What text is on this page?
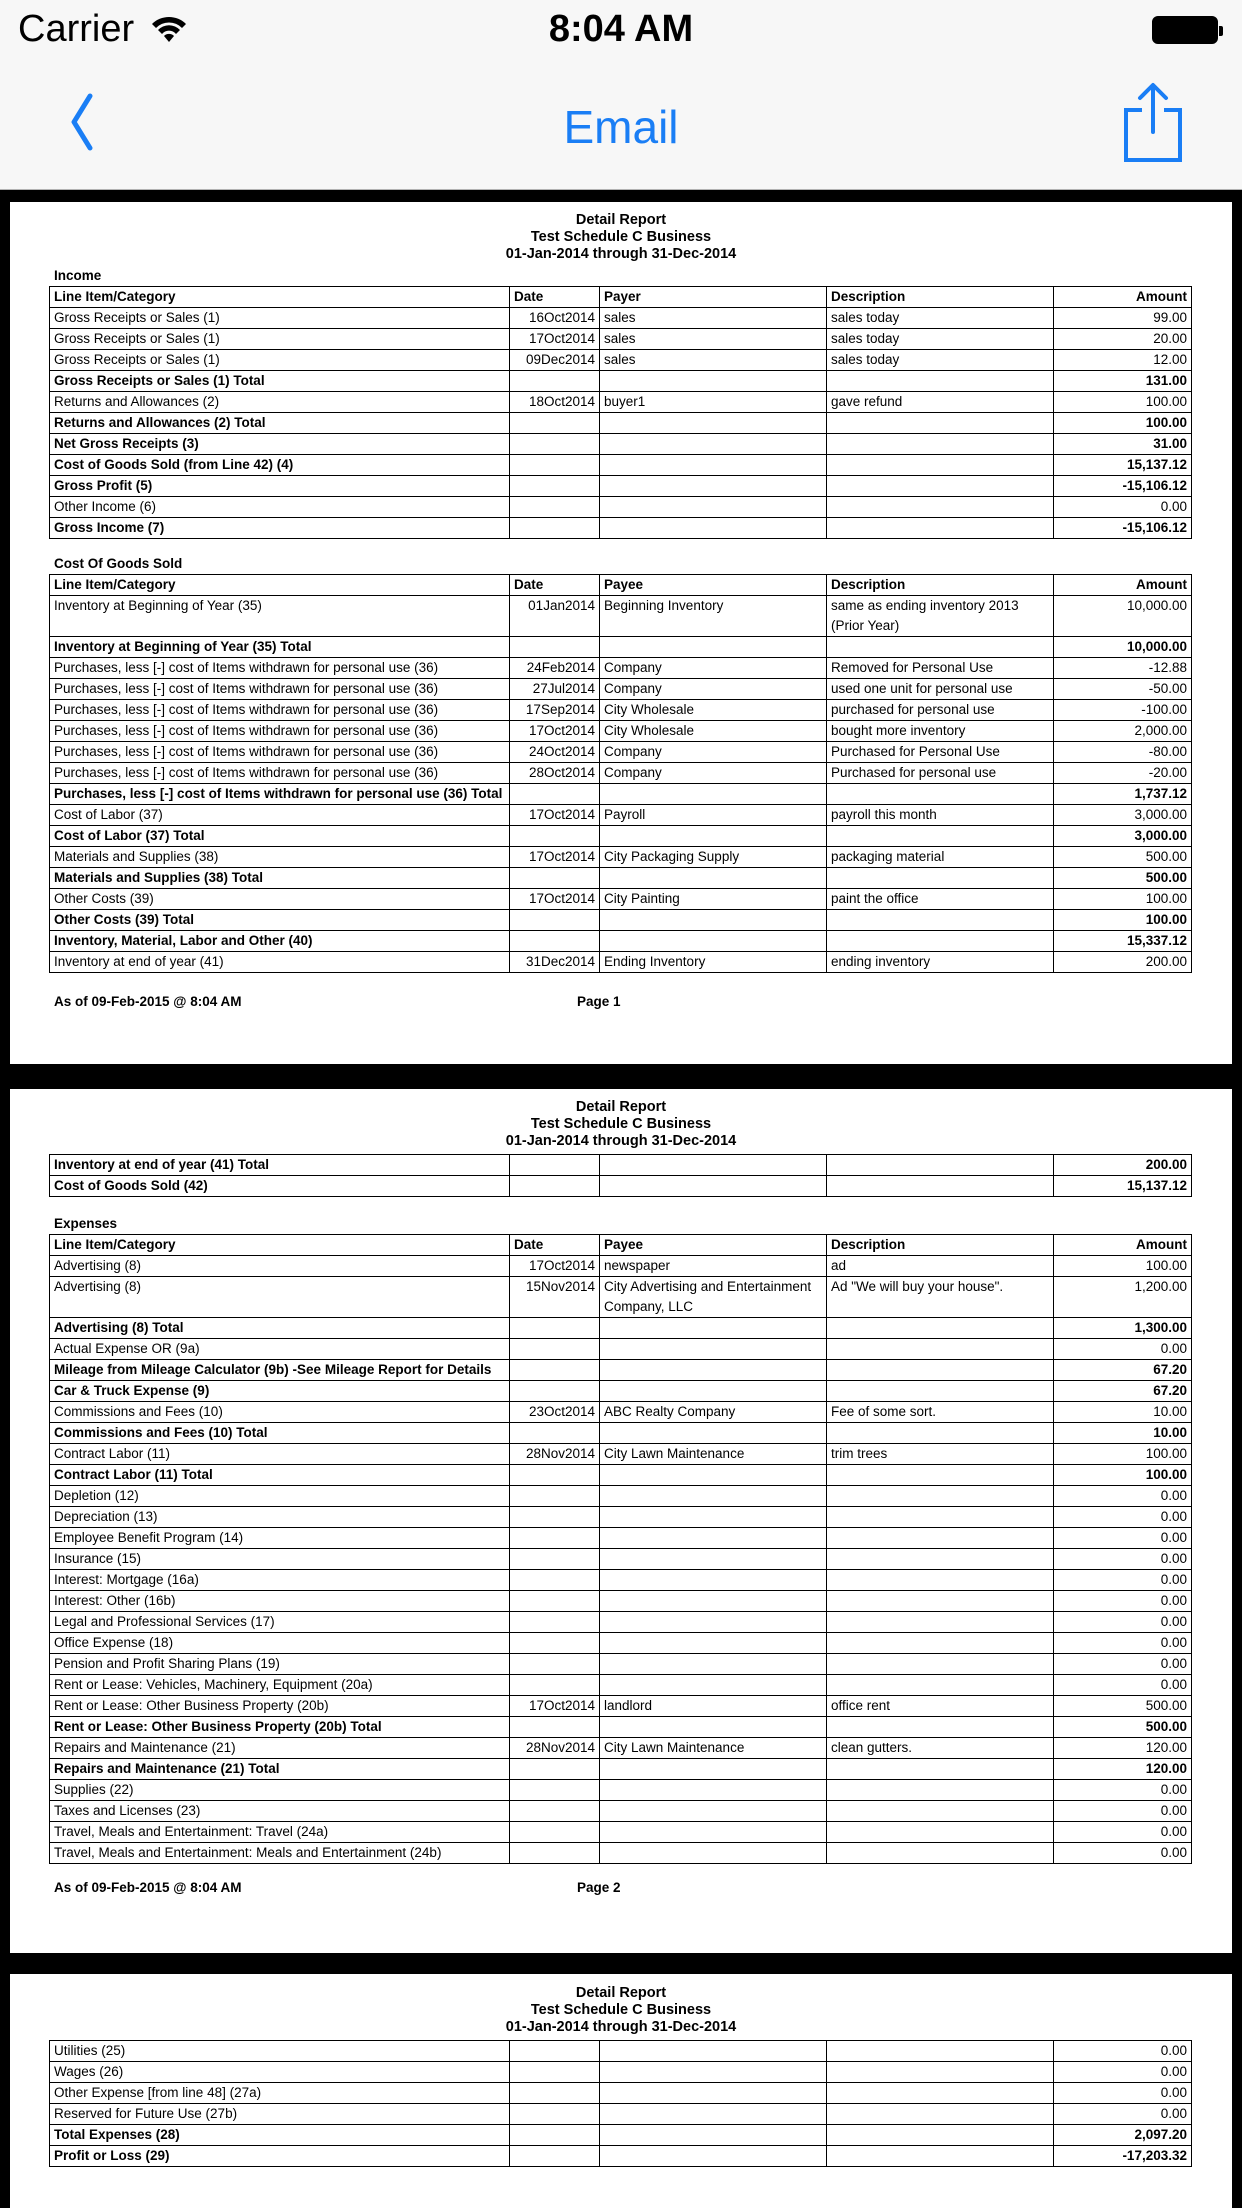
Carrier	8:04 AM
Email
Detail Report
Test Schedule C Business
01-Jan-2014 through 31-Dec-2014
Income
Line Item/Category	Date	Payer	Description	Amount
Gross Receipts or Sales (1)	16Oct2014	sales	sales today	99.00
Gross Receipts or Sales (1)	17Oct2014	sales	sales today	20.00
Gross Receipts or Sales (1)	09Dec2014	sales	sales today	12.00
Gross Receipts or Sales (1) Total				131.00
Returns and Allowances (2)	18Oct2014	buyer1	gave refund	100.00
Returns and Allowances (2) Total				100.00
Net Gross Receipts (3)				31.00
Cost of Goods Sold (from Line 42) (4)				15,137.12
Gross Profit (5)				-15,106.12
Other Income (6)				0.00
Gross Income (7)				-15,106.12
Cost Of Goods Sold
Line Item/Category	Date	Payee	Description	Amount
Inventory at Beginning of Year (35)	01Jan2014	Beginning Inventory	same as ending inventory 2013 (Prior Year)	10,000.00
Inventory at Beginning of Year (35) Total				10,000.00
Purchases, less [-] cost of Items withdrawn for personal use (36)	24Feb2014	Company	Removed for Personal Use	-12.88
Purchases, less [-] cost of Items withdrawn for personal use (36)	27Jul2014	Company	used one unit for personal use	-50.00
Purchases, less [-] cost of Items withdrawn for personal use (36)	17Sep2014	City Wholesale	purchased for personal use	-100.00
Purchases, less [-] cost of Items withdrawn for personal use (36)	17Oct2014	City Wholesale	bought more inventory	2,000.00
Purchases, less [-] cost of Items withdrawn for personal use (36)	24Oct2014	Company	Purchased for Personal Use	-80.00
Purchases, less [-] cost of Items withdrawn for personal use (36)	28Oct2014	Company	Purchased for personal use	-20.00
Purchases, less [-] cost of Items withdrawn for personal use (36) Total				1,737.12
Cost of Labor (37)	17Oct2014	Payroll	payroll this month	3,000.00
Cost of Labor (37) Total				3,000.00
Materials and Supplies (38)	17Oct2014	City Packaging Supply	packaging material	500.00
Materials and Supplies (38) Total				500.00
Other Costs (39)	17Oct2014	City Painting	paint the office	100.00
Other Costs (39) Total				100.00
Inventory, Material, Labor and Other (40)				15,337.12
Inventory at end of year (41)	31Dec2014	Ending Inventory	ending inventory	200.00
As of 09-Feb-2015 @ 8:04 AM	Page 1
Detail Report
Test Schedule C Business
01-Jan-2014 through 31-Dec-2014
Inventory at end of year (41) Total				200.00
Cost of Goods Sold (42)				15,137.12
Expenses
Line Item/Category	Date	Payee	Description	Amount
Advertising (8)	17Oct2014	newspaper	ad	100.00
Advertising (8)	15Nov2014	City Advertising and Entertainment Company, LLC	Ad "We will buy your house".	1,200.00
Advertising (8) Total				1,300.00
Actual Expense OR (9a)				0.00
Mileage from Mileage Calculator (9b) -See Mileage Report for Details				67.20
Car & Truck Expense (9)				67.20
Commissions and Fees (10)	23Oct2014	ABC Realty Company	Fee of some sort.	10.00
Commissions and Fees (10) Total				10.00
Contract Labor (11)	28Nov2014	City Lawn Maintenance	trim trees	100.00
Contract Labor (11) Total				100.00
Depletion (12)				0.00
Depreciation (13)				0.00
Employee Benefit Program (14)				0.00
Insurance (15)				0.00
Interest: Mortgage (16a)				0.00
Interest: Other (16b)				0.00
Legal and Professional Services (17)				0.00
Office Expense (18)				0.00
Pension and Profit Sharing Plans (19)				0.00
Rent or Lease: Vehicles, Machinery, Equipment (20a)				0.00
Rent or Lease: Other Business Property (20b)	17Oct2014	landlord	office rent	500.00
Rent or Lease: Other Business Property (20b) Total				500.00
Repairs and Maintenance (21)	28Nov2014	City Lawn Maintenance	clean gutters.	120.00
Repairs and Maintenance (21) Total				120.00
Supplies (22)				0.00
Taxes and Licenses (23)				0.00
Travel, Meals and Entertainment: Travel (24a)				0.00
Travel, Meals and Entertainment: Meals and Entertainment (24b)				0.00
As of 09-Feb-2015 @ 8:04 AM	Page 2
Detail Report
Test Schedule C Business
01-Jan-2014 through 31-Dec-2014
Utilities (25)				0.00
Wages (26)				0.00
Other Expense [from line 48] (27a)				0.00
Reserved for Future Use (27b)				0.00
Total Expenses (28)				2,097.20
Profit or Loss (29)				-17,203.32
